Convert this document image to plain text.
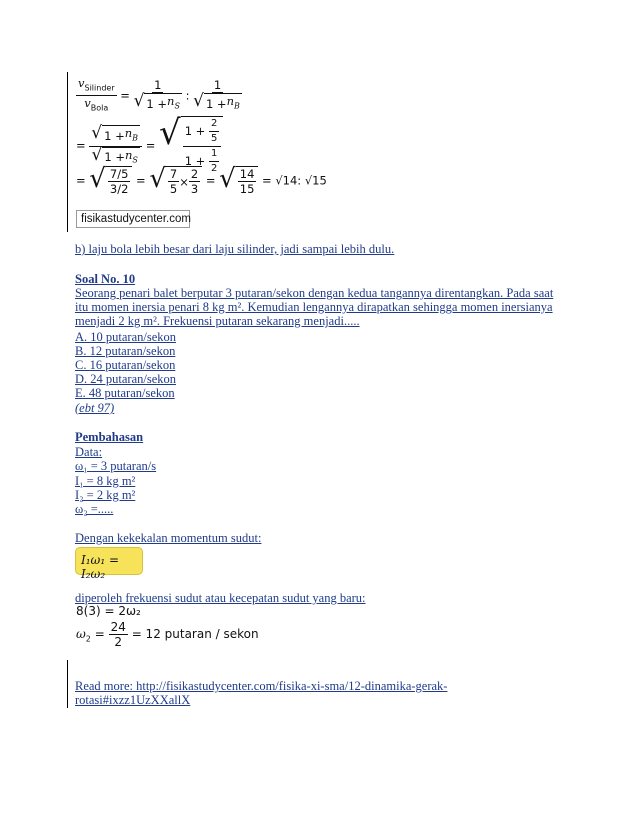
$\frac{v_{Silinder}}{v_{Bola}} = \frac{1}{√ 1 + n_S}$ : $\frac{1}{√ 1 + n_B}$
= $\frac{√ 1 + n_B}{√ 1 + n_S}$ = √ $\frac{1 + \frac{2}{5}}{1 + \frac{1}{2}}$
= √ $\frac{7/5}{3/2}$ = √ $\frac{7}{5} \times \frac{2}{3}$ = √ $\frac{14}{15} = √14$: √15
fisikastudycenter.com
b) laju bola lebih besar dari laju silinder, jadi sampai lebih dulu.
Soal No. 10
Seorang penari balet berputar 3 putaran/sekon dengan kedua tangannya direntangkan. Pada saat
itu momen inersia penari 8 kg m². Kemudian lengannya dirapatkan sehingga momen inersianya
menjadi 2 kg m². Frekuensi putaran sekarang menjadi.....
A. 10 putaran/sekon
B. 12 putaran/sekon
C. 16 putaran/sekon
D. 24 putaran/sekon
E. 48 putaran/sekon
(ebt 97)
Pembahasan
Data:
ω₁ = 3 putaran/s
I₁ = 8 kg m²
I₂ = 2 kg m²
ω₂ =.....
Dengan kekekalan momentum sudut:
I₁ω₁ = I₂ω₂
diperoleh frekuensi sudut atau kecepatan sudut yang baru:
8(3) = 2ω₂
$\omega_2 = \frac{24}{2} = 12$ putaran / sekon
Read more: http://fisikastudycenter.com/fisika-xi-sma/12-dinamika-gerak-
rotasi#ixzz1UzXXallX
